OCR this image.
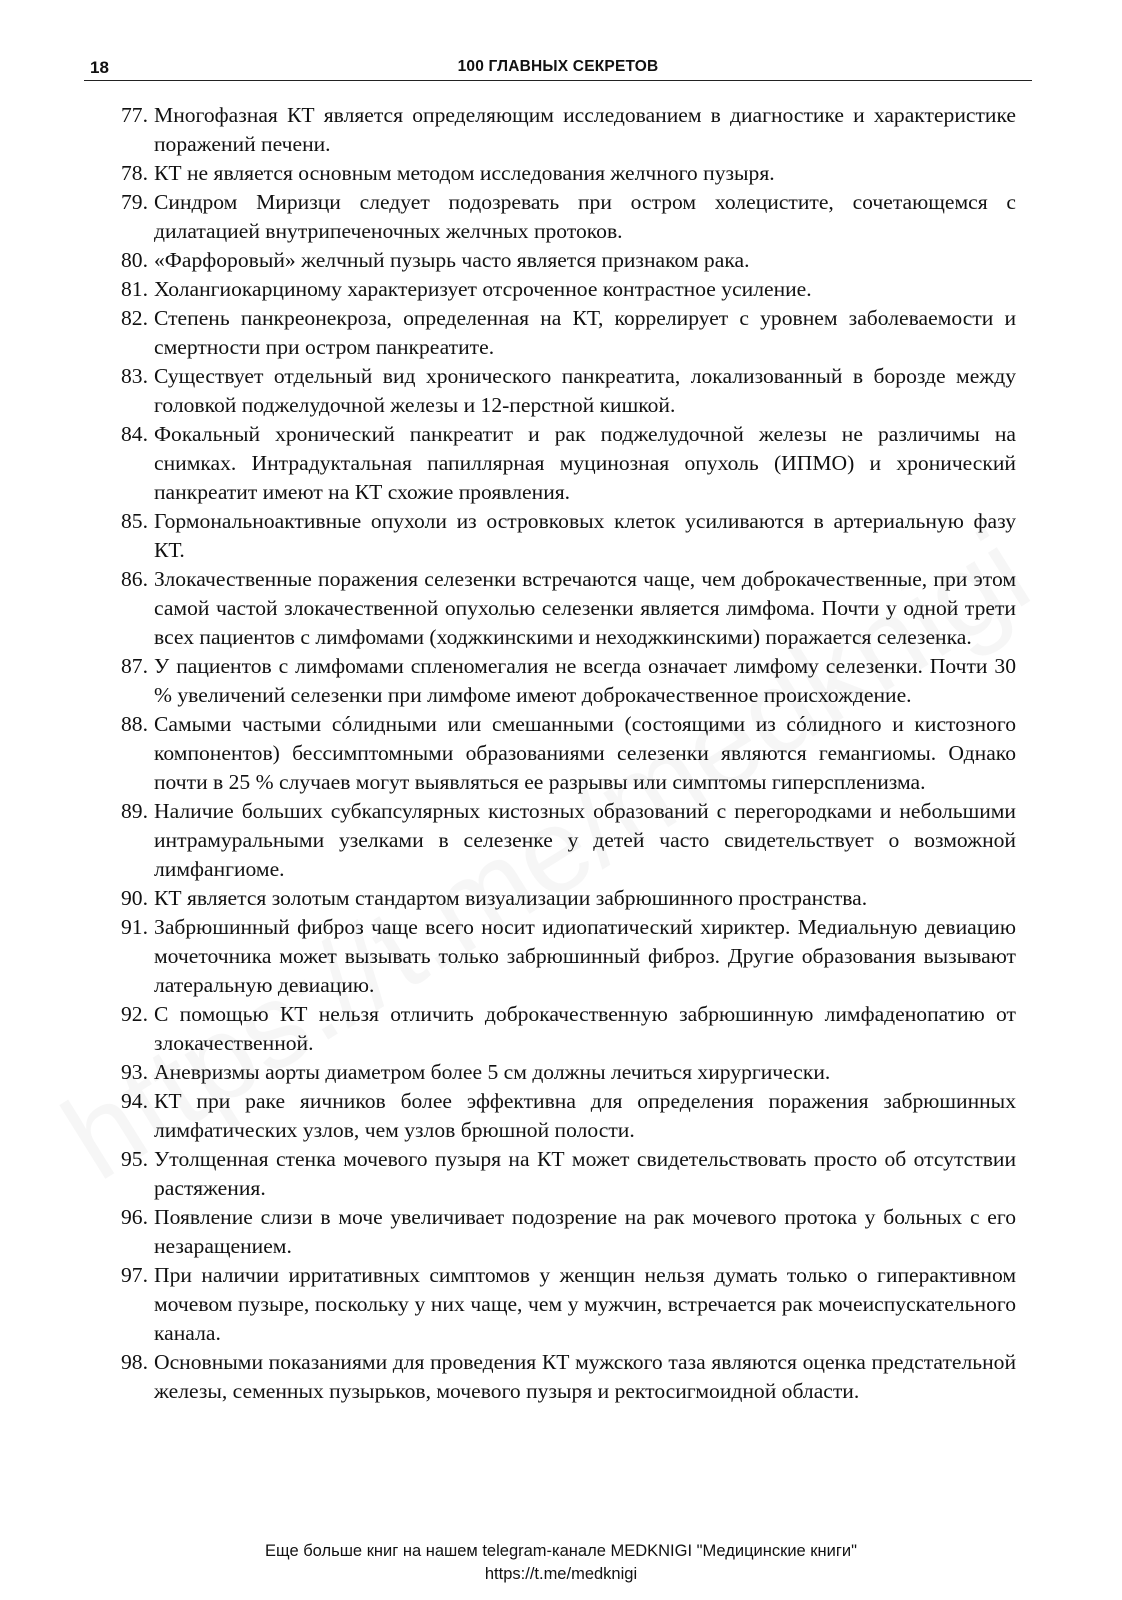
18	100 ГЛАВНЫХ СЕКРЕТОВ
77. Многофазная КТ является определяющим исследованием в диагностике и характеристике поражений печени.
78. КТ не является основным методом исследования желчного пузыря.
79. Синдром Миризци следует подозревать при остром холецистите, сочетающемся с дилатацией внутрипеченочных желчных протоков.
80. «Фарфоровый» желчный пузырь часто является признаком рака.
81. Холангиокарциному характеризует отсроченное контрастное усиление.
82. Степень панкреонекроза, определенная на КТ, коррелирует с уровнем заболеваемости и смертности при остром панкреатите.
83. Существует отдельный вид хронического панкреатита, локализованный в борозде между головкой поджелудочной железы и 12-перстной кишкой.
84. Фокальный хронический панкреатит и рак поджелудочной железы не различимы на снимках. Интрадуктальная папиллярная муцинозная опухоль (ИПМО) и хронический панкреатит имеют на КТ схожие проявления.
85. Гормональноактивные опухоли из островковых клеток усиливаются в артериальную фазу КТ.
86. Злокачественные поражения селезенки встречаются чаще, чем доброкачественные, при этом самой частой злокачественной опухолью селезенки является лимфома. Почти у одной трети всех пациентов с лимфомами (ходжкинскими и неходжкинскими) поражается селезенка.
87. У пациентов с лимфомами спленомегалия не всегда означает лимфому селезенки. Почти 30 % увеличений селезенки при лимфоме имеют доброкачественное происхождение.
88. Самыми частыми сóлидными или смешанными (состоящими из сóлидного и кистозного компонентов) бессимптомными образованиями селезенки являются гемангиомы. Однако почти в 25 % случаев могут выявляться ее разрывы или симптомы гиперспленизма.
89. Наличие больших субкапсулярных кистозных образований с перегородками и небольшими интрамуральными узелками в селезенке у детей часто свидетельствует о возможной лимфангиоме.
90. КТ является золотым стандартом визуализации забрюшинного пространства.
91. Забрюшинный фиброз чаще всего носит идиопатический хириктер. Медиальную девиацию мочеточника может вызывать только забрюшинный фиброз. Другие образования вызывают латеральную девиацию.
92. С помощью КТ нельзя отличить доброкачественную забрюшинную лимфаденопатию от злокачественной.
93. Аневризмы аорты диаметром более 5 см должны лечиться хирургически.
94. КТ при раке яичников более эффективна для определения поражения забрюшинных лимфатических узлов, чем узлов брюшной полости.
95. Утолщенная стенка мочевого пузыря на КТ может свидетельствовать просто об отсутствии растяжения.
96. Появление слизи в моче увеличивает подозрение на рак мочевого протока у больных с его незаращением.
97. При наличии ирритативных симптомов у женщин нельзя думать только о гиперактивном мочевом пузыре, поскольку у них чаще, чем у мужчин, встречается рак мочеиспускательного канала.
98. Основными показаниями для проведения КТ мужского таза являются оценка предстательной железы, семенных пузырьков, мочевого пузыря и ректосигмоидной области.
Еще больше книг на нашем telegram-канале MEDKNIGI "Медицинские книги"
https://t.me/medknigi
